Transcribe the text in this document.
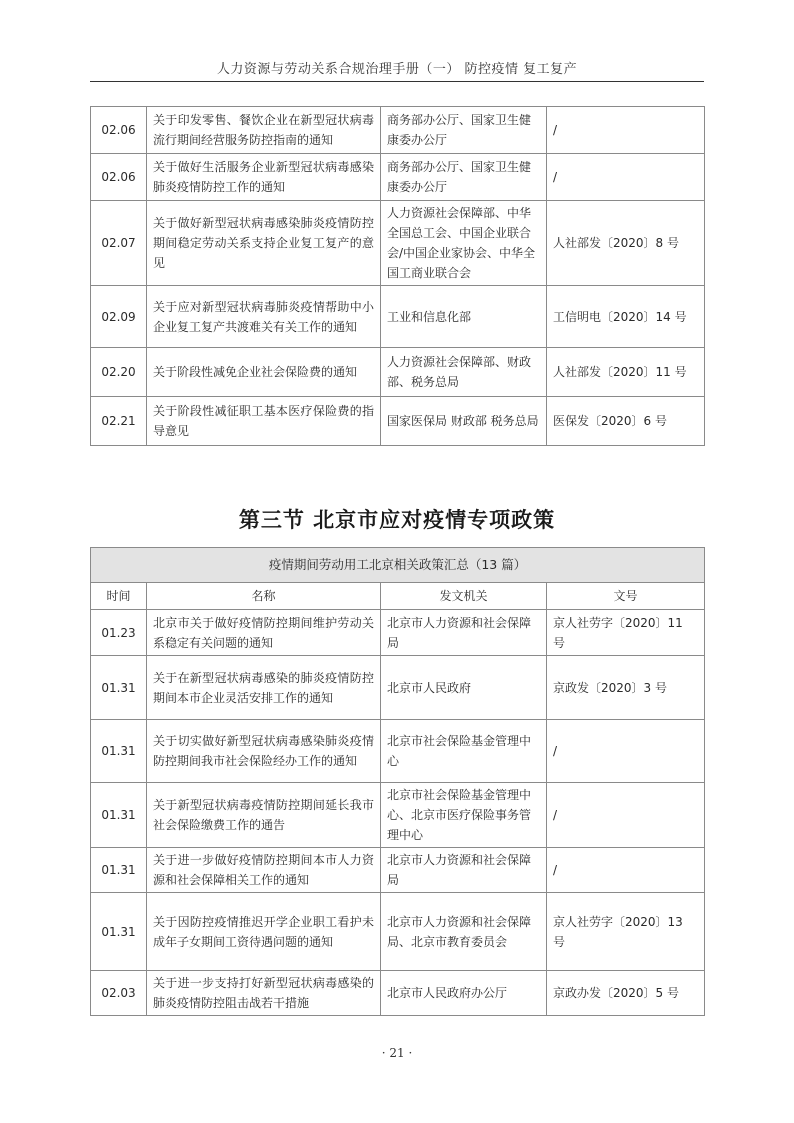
人力资源与劳动关系合规治理手册（一） 防控疫情 复工复产
02.06	关于印发零售、餐饮企业在新型冠状病毒流行期间经营服务防控指南的通知	商务部办公厅、国家卫生健康委办公厅	/
02.06	关于做好生活服务企业新型冠状病毒感染肺炎疫情防控工作的通知	商务部办公厅、国家卫生健康委办公厅	/
02.07	关于做好新型冠状病毒感染肺炎疫情防控期间稳定劳动关系支持企业复工复产的意见	人力资源社会保障部、中华全国总工会、中国企业联合会/中国企业家协会、中华全国工商业联合会	人社部发〔2020〕8 号
02.09	关于应对新型冠状病毒肺炎疫情帮助中小企业复工复产共渡难关有关工作的通知	工业和信息化部	工信明电〔2020〕14 号
02.20	关于阶段性减免企业社会保险费的通知	人力资源社会保障部、财政部、税务总局	人社部发〔2020〕11 号
02.21	关于阶段性减征职工基本医疗保险费的指导意见	国家医保局 财政部 税务总局	医保发〔2020〕6 号
第三节 北京市应对疫情专项政策
疫情期间劳动用工北京相关政策汇总（13 篇）			
时间	名称	发文机关	文号
01.23	北京市关于做好疫情防控期间维护劳动关系稳定有关问题的通知	北京市人力资源和社会保障局	京人社劳字〔2020〕11 号
01.31	关于在新型冠状病毒感染的肺炎疫情防控期间本市企业灵活安排工作的通知	北京市人民政府	京政发〔2020〕3 号
01.31	关于切实做好新型冠状病毒感染肺炎疫情防控期间我市社会保险经办工作的通知	北京市社会保险基金管理中心	/
01.31	关于新型冠状病毒疫情防控期间延长我市社会保险缴费工作的通告	北京市社会保险基金管理中心、北京市医疗保险事务管理中心	/
01.31	关于进一步做好疫情防控期间本市人力资源和社会保障相关工作的通知	北京市人力资源和社会保障局	/
01.31	关于因防控疫情推迟开学企业职工看护未成年子女期间工资待遇问题的通知	北京市人力资源和社会保障局、北京市教育委员会	京人社劳字〔2020〕13 号
02.03	关于进一步支持打好新型冠状病毒感染的肺炎疫情防控阻击战若干措施	北京市人民政府办公厅	京政办发〔2020〕5 号
· 21 ·
